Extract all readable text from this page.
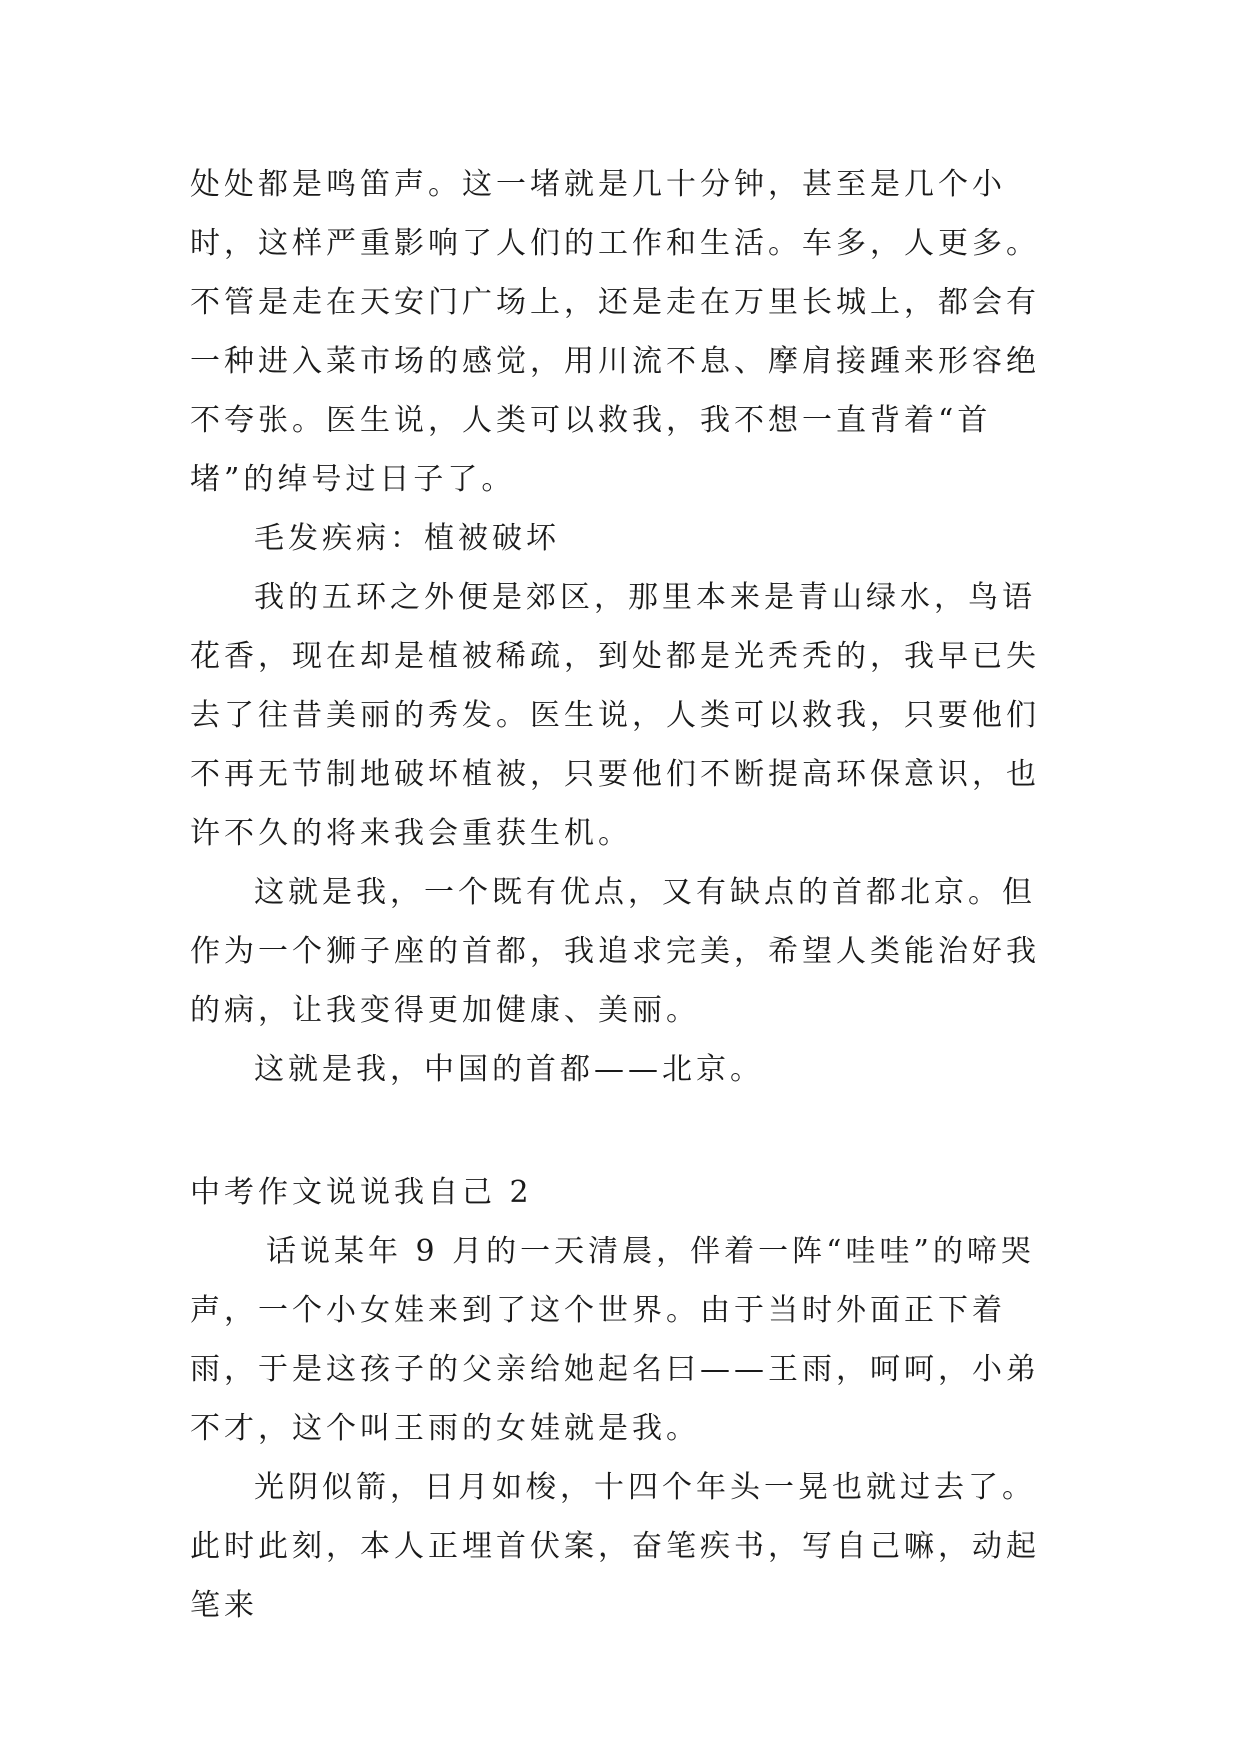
处处都是鸣笛声。这一堵就是几十分钟，甚至是几个小时，这样严重影响了人们的工作和生活。车多，人更多。不管是走在天安门广场上，还是走在万里长城上，都会有一种进入菜市场的感觉，用川流不息、摩肩接踵来形容绝不夸张。医生说，人类可以救我，我不想一直背着“首堵”的绰号过日子了。

毛发疾病：植被破坏

我的五环之外便是郊区，那里本来是青山绿水，鸟语花香，现在却是植被稀疏，到处都是光秃秃的，我早已失去了往昔美丽的秀发。医生说，人类可以救我，只要他们不再无节制地破坏植被，只要他们不断提高环保意识，也许不久的将来我会重获生机。

这就是我，一个既有优点，又有缺点的首都北京。但作为一个狮子座的首都，我追求完美，希望人类能治好我的病，让我变得更加健康、美丽。

这就是我，中国的首都——北京。

中考作文说说我自己 2

话说某年 9 月的一天清晨，伴着一阵“哇哇”的啼哭声，一个小女娃来到了这个世界。由于当时外面正下着雨，于是这孩子的父亲给她起名曰——王雨，呵呵，小弟不才，这个叫王雨的女娃就是我。

光阴似箭，日月如梭，十四个年头一晃也就过去了。此时此刻，本人正埋首伏案，奋笔疾书，写自己嘛，动起笔来
